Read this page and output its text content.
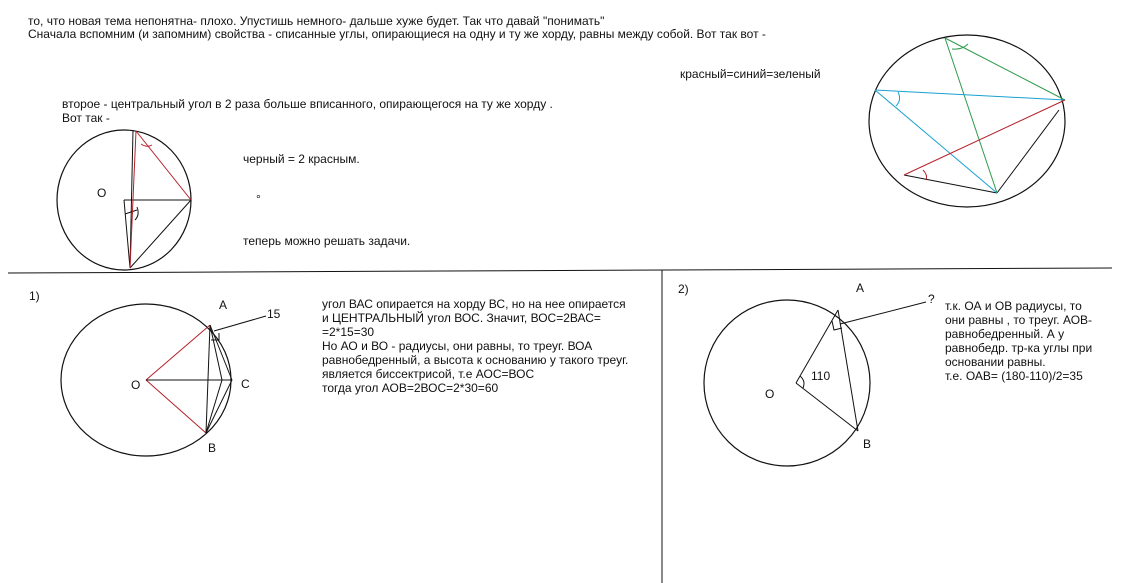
то, что новая тема непонятна- плохо. Упустишь немного- дальше хуже будет. Так что давай "понимать"
Сначала вспомним (и запомним) свойства - списанные углы, опирающиеся на одну и ту же хорду, равны между собой. Вот так вот -
красный=синий=зеленый
второе - центральный угол в 2 раза больше вписанного, опирающегося на ту же хорду .
Вот так -
черный = 2 красным.
°
теперь можно решать задачи.
1)
угол ВАС опирается на хорду ВС, но на нее опирается
и ЦЕНТРАЛЬНЫЙ угол ВОС. Значит, ВОС=2ВАС=
=2*15=30
Но АО и ВО - радиусы, они равны, то треуг. ВОА
равнобедренный, а высота к основанию у такого треуг.
является биссектрисой, т.е АОС=ВОС
тогда угол АОВ=2ВОС=2*30=60
2)
т.к. ОА и ОВ радиусы, то
они равны , то треуг. АОВ-
равнобедренный. А у
равнобедр. тр-ка углы при
основании равны.
т.е. ОАВ= (180-110)/2=35
O
A
15
O	C
B
A
?
110
O
B
